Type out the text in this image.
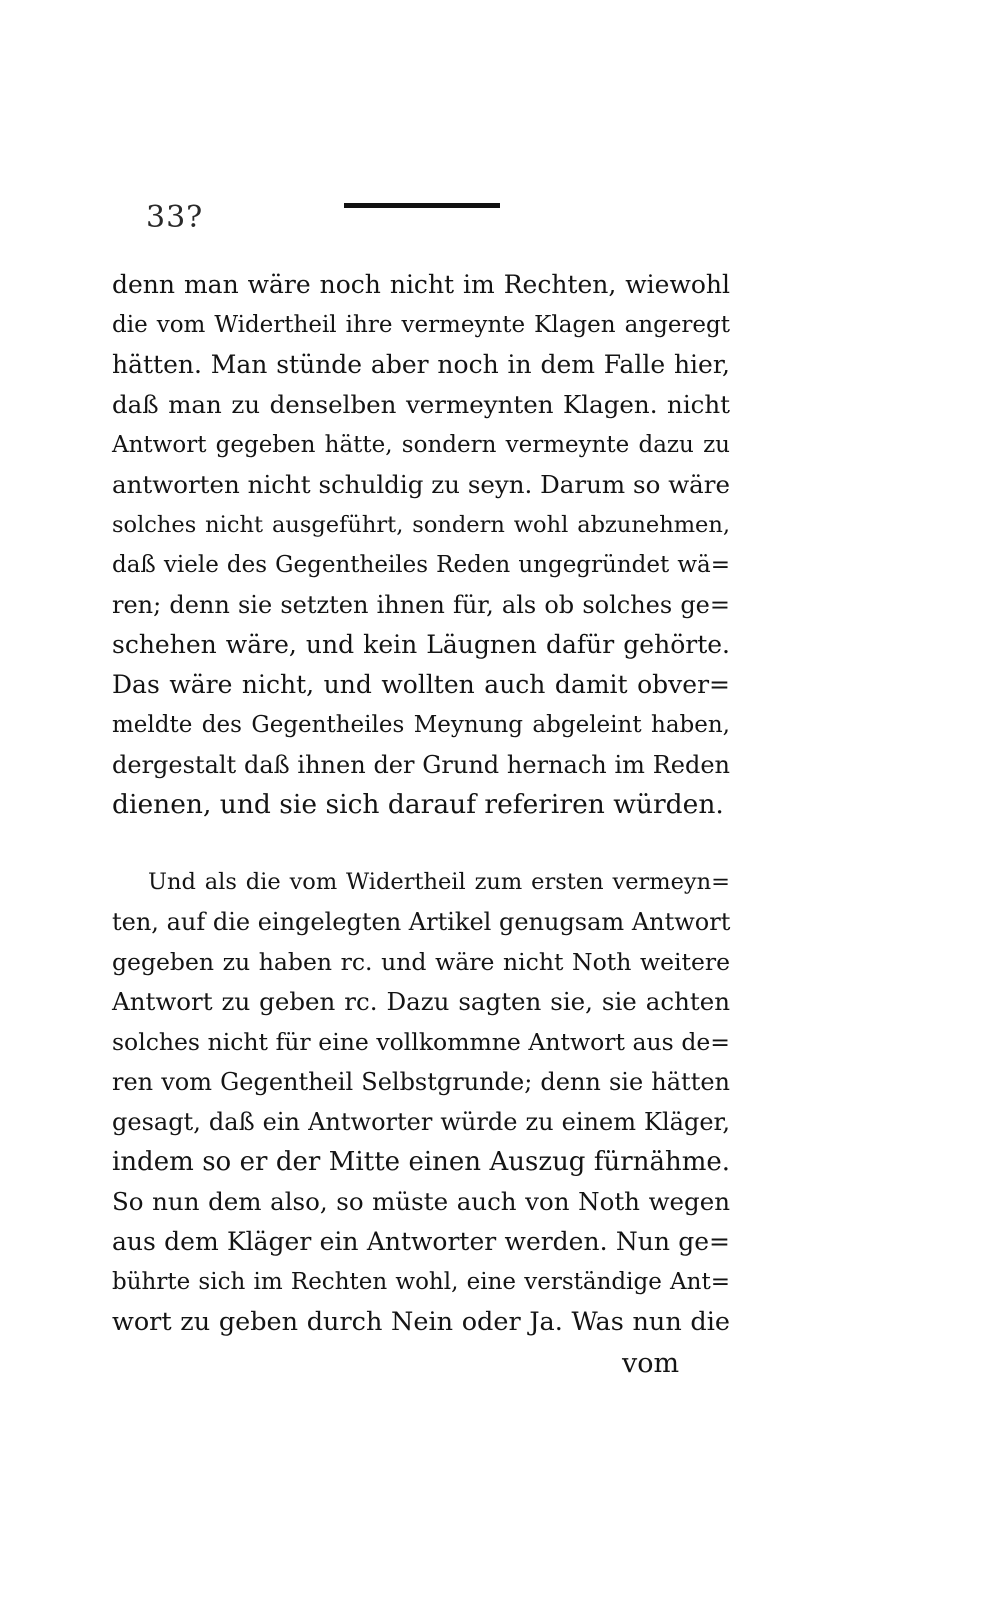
33?
denn man wäre noch nicht im Rechten, wiewohl
die vom Widertheil ihre vermeynte Klagen angeregt
hätten. Man stünde aber noch in dem Falle hier,
daß man zu denselben vermeynten Klagen. nicht
Antwort gegeben hätte, sondern vermeynte dazu zu
antworten nicht schuldig zu seyn. Darum so wäre
solches nicht ausgeführt, sondern wohl abzunehmen,
daß viele des Gegentheiles Reden ungegründet wä=
ren; denn sie setzten ihnen für, als ob solches ge=
schehen wäre, und kein Läugnen dafür gehörte.
Das wäre nicht, und wollten auch damit obver=
meldte des Gegentheiles Meynung abgeleint haben,
dergestalt daß ihnen der Grund hernach im Reden
dienen, und sie sich darauf referiren würden.
Und als die vom Widertheil zum ersten vermeyn=
ten, auf die eingelegten Artikel genugsam Antwort
gegeben zu haben rc. und wäre nicht Noth weitere
Antwort zu geben rc. Dazu sagten sie, sie achten
solches nicht für eine vollkommne Antwort aus de=
ren vom Gegentheil Selbstgrunde; denn sie hätten
gesagt, daß ein Antworter würde zu einem Kläger,
indem so er der Mitte einen Auszug fürnähme.
So nun dem also, so müste auch von Noth wegen
aus dem Kläger ein Antworter werden. Nun ge=
bührte sich im Rechten wohl, eine verständige Ant=
wort zu geben durch Nein oder Ja. Was nun die
vom
